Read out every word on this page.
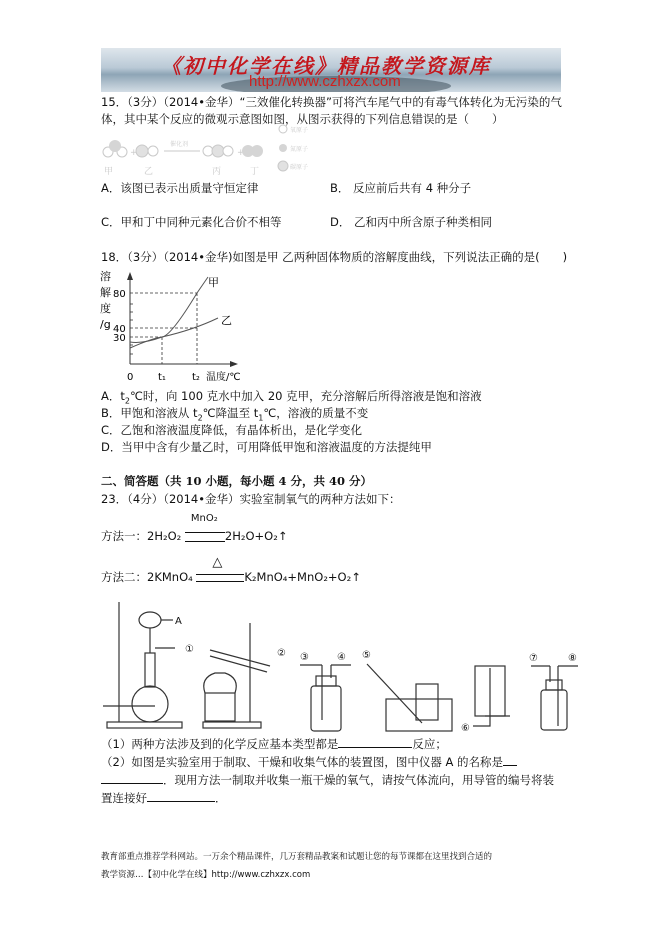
《初中化学在线》精品教学资源库
http://www.czhxzx.com
15．（3分）（2014•金华）“三效催化转换器”可将汽车尾气中的有毒气体转化为无污染的气
体，其中某个反应的微观示意图如图，从图示获得的下列信息错误的是（　　）
+
催化剂
+
甲	乙	丙	丁
氧原子
氮原子
碳原子
A．该图已表示出质量守恒定律	B． 反应前后共有 4 种分子
C．甲和丁中同种元素化合价不相等	D． 乙和丙中所含原子种类相同
18．（3分）（2014•金华)如图是甲 乙两种固体物质的溶解度曲线，下列说法正确的是(　　)
溶
解
度
/g
甲
乙
80
40
30
0 t₁	t₂ 温度/℃
A．$t_2℃$时，向 100 克水中加入 20 克甲，充分溶解后所得溶液是饱和溶液
B．甲饱和溶液从 $t_2℃$降温至 $t_1℃$，溶液的质量不变
C．乙饱和溶液温度降低，有晶体析出，是化学变化
D．当甲中含有少量乙时，可用降低甲饱和溶液温度的方法提纯甲
二、简答题（共 10 小题，每小题 4 分，共 40 分）
23．（4分）（2014•金华）实验室制氧气的两种方法如下：
方法一：2H₂O₂
MnO₂
2H₂O+O₂↑
方法二：2KMnO₄
△
K₂MnO₄+MnO₂+O₂↑
A
①	② ③	④ ⑤
⑥
⑦	⑧
（1）两种方法涉及到的化学反应基本类型都是	反应；
（2）如图是实验室用于制取、干燥和收集气体的装置图，图中仪器 A 的名称是
．现用方法一制取并收集一瓶干燥的氧气，请按气体流向，用导管的编号将装
置连接好	．
教育部重点推荐学科网站。一万余个精品课件，几万套精品教案和试题让您的每节课都在这里找到合适的
教学资源…【初中化学在线】http://www.czhxzx.com
